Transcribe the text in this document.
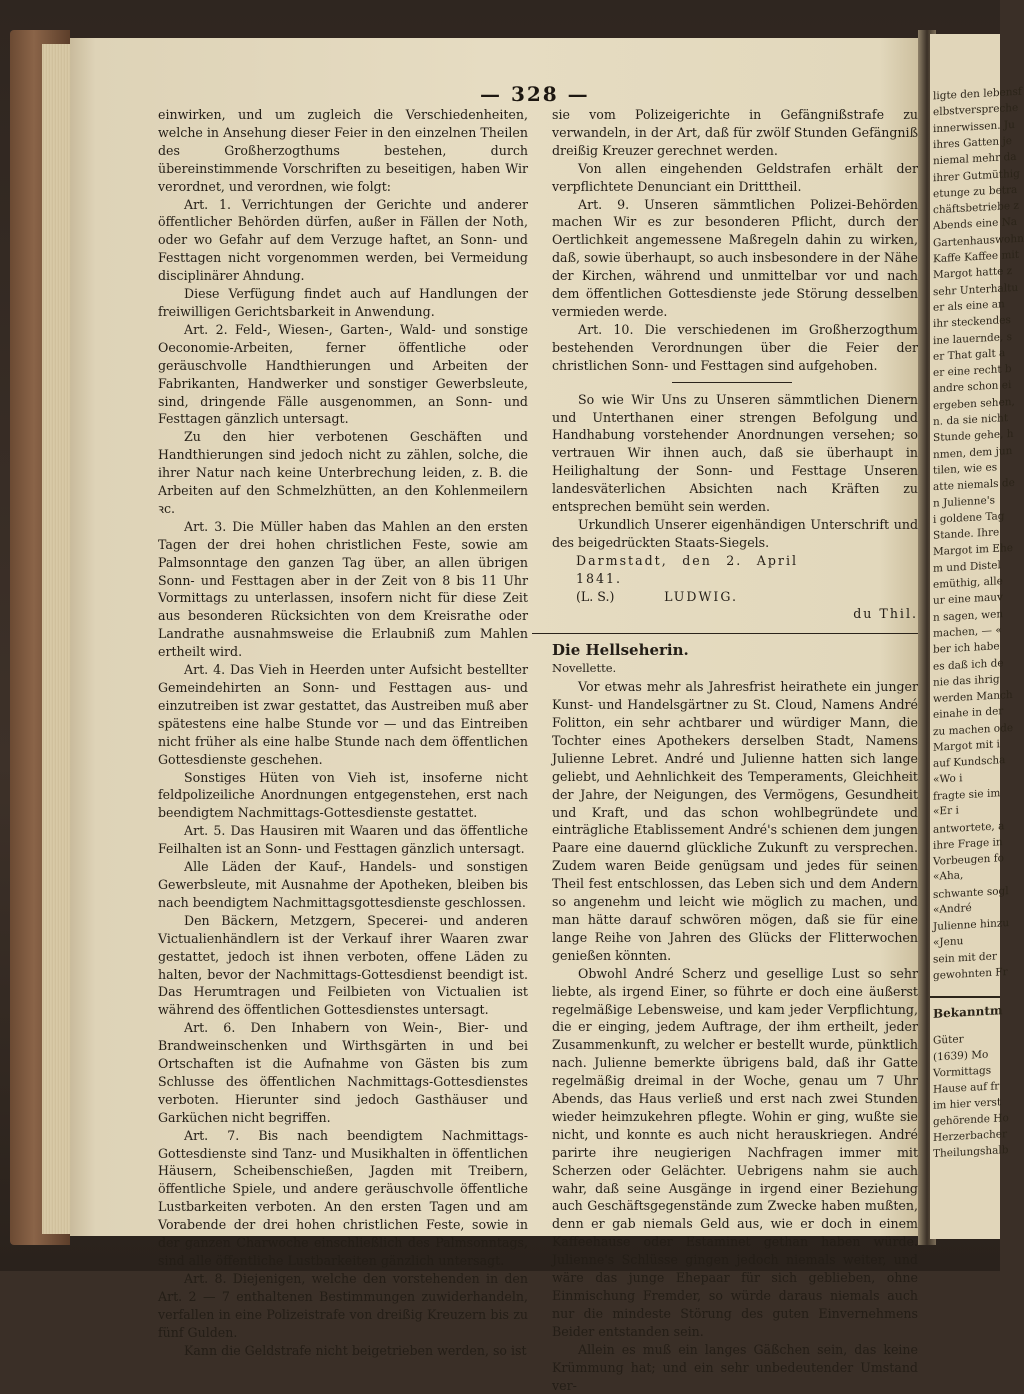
— 328 —

einwirken, und um zugleich die Verschiedenheiten, welche in Ansehung dieser Feier in den einzelnen Theilen des Großherzogthums bestehen, durch übereinstimmende Vorschriften zu beseitigen, haben Wir verordnet, und verordnen, wie folgt:

Art. 1. Verrichtungen der Gerichte und anderer öffentlicher Behörden dürfen, außer in Fällen der Noth, oder wo Gefahr auf dem Verzuge haftet, an Sonn- und Festtagen nicht vorgenommen werden, bei Vermeidung disciplinärer Ahndung.

Diese Verfügung findet auch auf Handlungen der freiwilligen Gerichtsbarkeit in Anwendung.

Art. 2. Feld-, Wiesen-, Garten-, Wald- und sonstige Oeconomie-Arbeiten, ferner öffentliche oder geräuschvolle Handthierungen und Arbeiten der Fabrikanten, Handwerker und sonstiger Gewerbsleute, sind, dringende Fälle ausgenommen, an Sonn- und Festtagen gänzlich untersagt.

Zu den hier verbotenen Geschäften und Handthierungen sind jedoch nicht zu zählen, solche, die ihrer Natur nach keine Unterbrechung leiden, z. B. die Arbeiten auf den Schmelzhütten, an den Kohlenmeilern ꝛc.

Art. 3. Die Müller haben das Mahlen an den ersten Tagen der drei hohen christlichen Feste, sowie am Palmsonntage den ganzen Tag über, an allen übrigen Sonn- und Festtagen aber in der Zeit von 8 bis 11 Uhr Vormittags zu unterlassen, insofern nicht für diese Zeit aus besonderen Rücksichten von dem Kreisrathe oder Landrathe ausnahmsweise die Erlaubniß zum Mahlen ertheilt wird.

Art. 4. Das Vieh in Heerden unter Aufsicht bestellter Gemeindehirten an Sonn- und Festtagen aus- und einzutreiben ist zwar gestattet, das Austreiben muß aber spätestens eine halbe Stunde vor — und das Eintreiben nicht früher als eine halbe Stunde nach dem öffentlichen Gottesdienste geschehen.

Sonstiges Hüten von Vieh ist, insoferne nicht feldpolizeiliche Anordnungen entgegenstehen, erst nach beendigtem Nachmittags-Gottesdienste gestattet.

Art. 5. Das Hausiren mit Waaren und das öffentliche Feilhalten ist an Sonn- und Festtagen gänzlich untersagt.

Alle Läden der Kauf-, Handels- und sonstigen Gewerbsleute, mit Ausnahme der Apotheken, bleiben bis nach beendigtem Nachmittagsgottesdienste geschlossen.

Den Bäckern, Metzgern, Specerei- und anderen Victualienhändlern ist der Verkauf ihrer Waaren zwar gestattet, jedoch ist ihnen verboten, offene Läden zu halten, bevor der Nachmittags-Gottesdienst beendigt ist. Das Herumtragen und Feilbieten von Victualien ist während des öffentlichen Gottesdienstes untersagt.

Art. 6. Den Inhabern von Wein-, Bier- und Brandweinschenken und Wirthsgärten in und bei Ortschaften ist die Aufnahme von Gästen bis zum Schlusse des öffentlichen Nachmittags-Gottesdienstes verboten. Hierunter sind jedoch Gasthäuser und Garküchen nicht begriffen.

Art. 7. Bis nach beendigtem Nachmittags-Gottesdienste sind Tanz- und Musikhalten in öffentlichen Häusern, Scheibenschießen, Jagden mit Treibern, öffentliche Spiele, und andere geräuschvolle öffentliche Lustbarkeiten verboten. An den ersten Tagen und am Vorabende der drei hohen christlichen Feste, sowie in der ganzen Charwoche einschließlich des Palmsonntags, sind alle öffentliche Lustbarkeiten gänzlich untersagt.

Art. 8. Diejenigen, welche den vorstehenden in den Art. 2 — 7 enthaltenen Bestimmungen zuwiderhandeln, verfallen in eine Polizeistrafe von dreißig Kreuzern bis zu fünf Gulden.

Kann die Geldstrafe nicht beigetrieben werden, so ist

sie vom Polizeigerichte in Gefängnißstrafe zu verwandeln, in der Art, daß für zwölf Stunden Gefängniß dreißig Kreuzer gerechnet werden.

Von allen eingehenden Geldstrafen erhält der verpflichtete Denunciant ein Dritttheil.

Art. 9. Unseren sämmtlichen Polizei-Behörden machen Wir es zur besonderen Pflicht, durch der Oertlichkeit angemessene Maßregeln dahin zu wirken, daß, sowie überhaupt, so auch insbesondere in der Nähe der Kirchen, während und unmittelbar vor und nach dem öffentlichen Gottesdienste jede Störung desselben vermieden werde.

Art. 10. Die verschiedenen im Großherzogthum bestehenden Verordnungen über die Feier der christlichen Sonn- und Festtagen sind aufgehoben.

So wie Wir Uns zu Unseren sämmtlichen Dienern und Unterthanen einer strengen Befolgung und Handhabung vorstehender Anordnungen versehen; so vertrauen Wir ihnen auch, daß sie überhaupt in Heilighaltung der Sonn- und Festtage Unseren landesväterlichen Absichten nach Kräften zu entsprechen bemüht sein werden.

Urkundlich Unserer eigenhändigen Unterschrift und des beigedrückten Staats-Siegels.

Darmstadt, den 2. April 1841.

(L. S.)	LUDWIG.

du Thil.

Die Hellseherin.

Novellette.

Vor etwas mehr als Jahresfrist heirathete ein junger Kunst- und Handelsgärtner zu St. Cloud, Namens André Folitton, ein sehr achtbarer und würdiger Mann, die Tochter eines Apothekers derselben Stadt, Namens Julienne Lebret. André und Julienne hatten sich lange geliebt, und Aehnlichkeit des Temperaments, Gleichheit der Jahre, der Neigungen, des Vermögens, Gesundheit und Kraft, und das schon wohlbegründete und einträgliche Etablissement André's schienen dem jungen Paare eine dauernd glückliche Zukunft zu versprechen. Zudem waren Beide genügsam und jedes für seinen Theil fest entschlossen, das Leben sich und dem Andern so angenehm und leicht wie möglich zu machen, und man hätte darauf schwören mögen, daß sie für eine lange Reihe von Jahren des Glücks der Flitterwochen genießen könnten.

Obwohl André Scherz und gesellige Lust so sehr liebte, als irgend Einer, so führte er doch eine äußerst regelmäßige Lebensweise, und kam jeder Verpflichtung, die er einging, jedem Auftrage, der ihm ertheilt, jeder Zusammenkunft, zu welcher er bestellt wurde, pünktlich nach. Julienne bemerkte übrigens bald, daß ihr Gatte regelmäßig dreimal in der Woche, genau um 7 Uhr Abends, das Haus verließ und erst nach zwei Stunden wieder heimzukehren pflegte. Wohin er ging, wußte sie nicht, und konnte es auch nicht herauskriegen. André parirte ihre neugierigen Nachfragen immer mit Scherzen oder Gelächter. Uebrigens nahm sie auch wahr, daß seine Ausgänge in irgend einer Beziehung auch Geschäftsgegenstände zum Zwecke haben mußten, denn er gab niemals Geld aus, wie er doch in einem Kaffeehause oder Estaminet gethan haben würde. Julienne's Schlüsse gingen jedoch niemals weiter, und wäre das junge Ehepaar für sich geblieben, ohne Einmischung Fremder, so würde daraus niemals auch nur die mindeste Störung des guten Einvernehmens Beider entstanden sein.

Allein es muß ein langes Gäßchen sein, das keine Krümmung hat; und ein sehr unbedeutender Umstand ver-

ligte den lebensf
elbstverspreche
innerwissen. Ju
ihres Gatten je
niemal mehr da
ihrer Gutmüthig
etunge zu betra
chäftsbetriebe z
Abends eine Na
Gartenhauswohn
Kaffe Kaffee mit
Margot hatte z
sehr Unterhaltu
er als eine an
ihr steckendes
ine lauernde, s
er That galt a
er eine recht b
andre schon ei
ergeben sehen,
n. da sie nicht
Stunde gehe, h
nmen, dem jun
tilen, wie es
atte niemals de
n Julienne's
i goldene Tag
Stande. Ihre
Margot im Ehe
m und Distel
emüthig, alle
ur eine mauv
n sagen, wen
machen, — «
ber ich habe
es daß ich de
nie das ihrig
werden Manch
einahe in der
zu machen ode
Margot mit i
auf Kundscha
«Wo i
fragte sie im
«Er i
antwortete, a
ihre Frage in
Vorbeugen fo
«Aha,
schwante sogl
«André
Julienne hinzu
«Jenu
sein mit der
gewohnten Fr
Bekanntm
Güter
(1639) Mo
Vormittags
Hause auf fr
im hier verst
gehörende Ho
Herzerbacher
Theilungshalb
